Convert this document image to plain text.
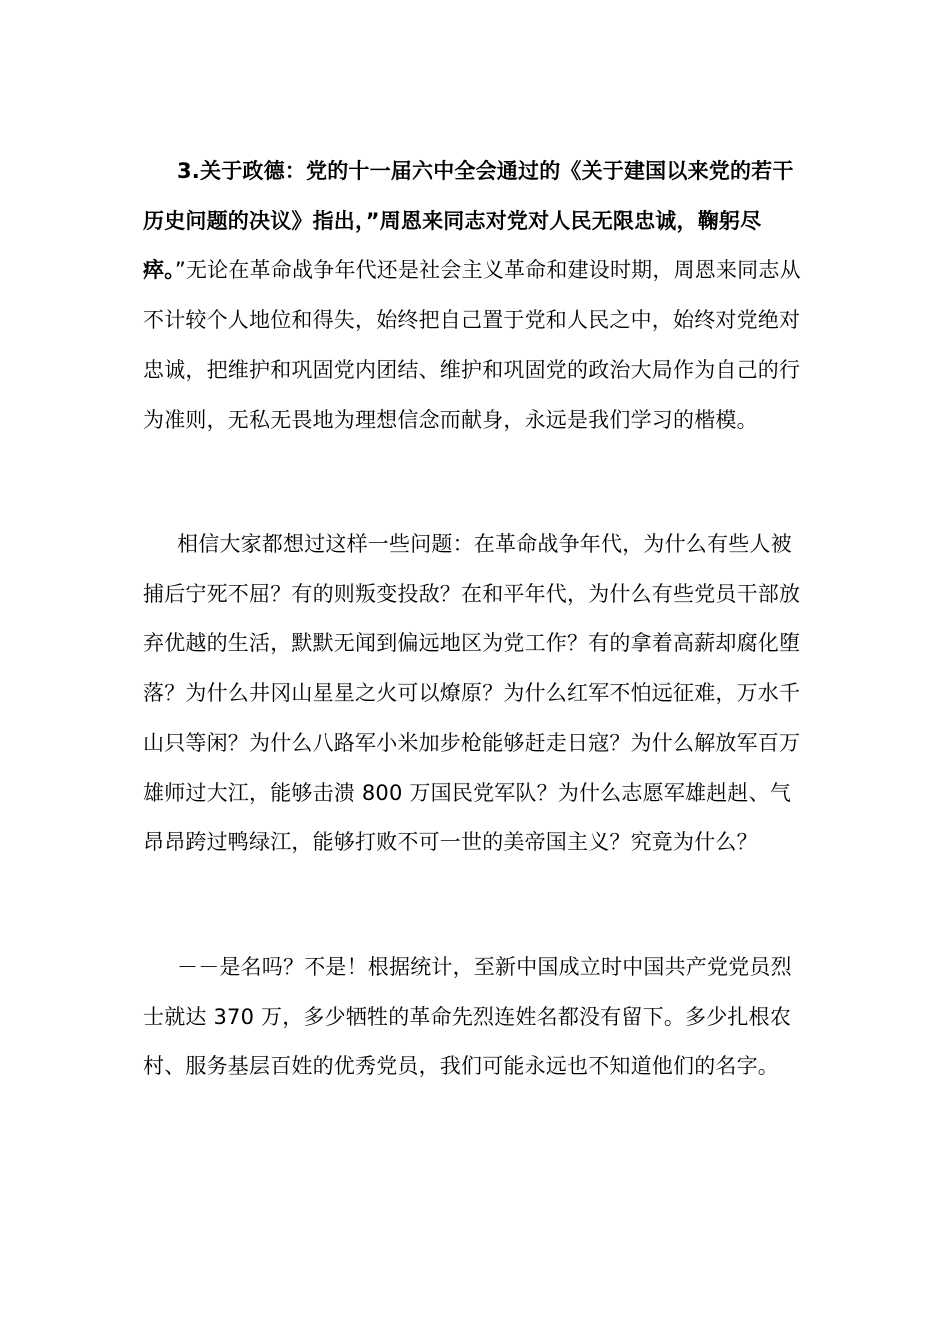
3.关于政德：党的十一届六中全会通过的《关于建国以来党的若干历史问题的决议》指出，”周恩来同志对党对人民无限忠诚，鞠躬尽瘁。”无论在革命战争年代还是社会主义革命和建设时期，周恩来同志从不计较个人地位和得失，始终把自己置于党和人民之中，始终对党绝对忠诚，把维护和巩固党内团结、维护和巩固党的政治大局作为自己的行为准则，无私无畏地为理想信念而献身，永远是我们学习的楷模。

相信大家都想过这样一些问题：在革命战争年代，为什么有些人被捕后宁死不屈？有的则叛变投敌？在和平年代，为什么有些党员干部放弃优越的生活，默默无闻到偏远地区为党工作？有的拿着高薪却腐化堕落？为什么井冈山星星之火可以燎原？为什么红军不怕远征难，万水千山只等闲？为什么八路军小米加步枪能够赶走日寇？为什么解放军百万雄师过大江，能够击溃 800 万国民党军队？为什么志愿军雄赳赳、气昂昂跨过鸭绿江，能够打败不可一世的美帝国主义？究竟为什么？

－－是名吗？不是！根据统计，至新中国成立时中国共产党党员烈士就达 370 万，多少牺牲的革命先烈连姓名都没有留下。多少扎根农村、服务基层百姓的优秀党员，我们可能永远也不知道他们的名字。
